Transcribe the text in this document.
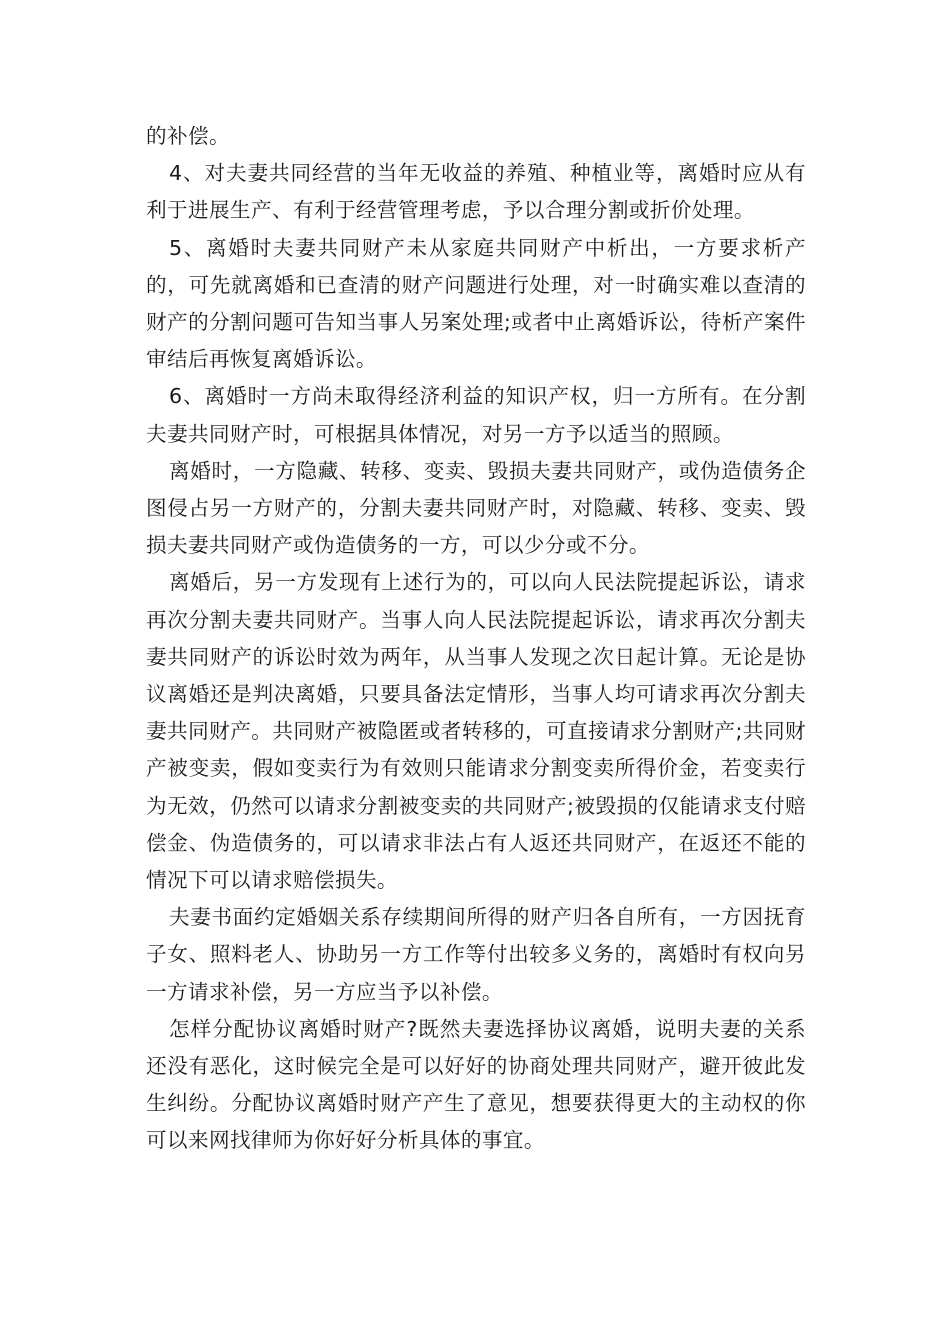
的补偿。

4、对夫妻共同经营的当年无收益的养殖、种植业等，离婚时应从有利于进展生产、有利于经营管理考虑，予以合理分割或折价处理。

5、离婚时夫妻共同财产未从家庭共同财产中析出，一方要求析产的，可先就离婚和已查清的财产问题进行处理，对一时确实难以查清的财产的分割问题可告知当事人另案处理;或者中止离婚诉讼，待析产案件审结后再恢复离婚诉讼。

6、离婚时一方尚未取得经济利益的知识产权，归一方所有。在分割夫妻共同财产时，可根据具体情况，对另一方予以适当的照顾。

离婚时，一方隐藏、转移、变卖、毁损夫妻共同财产，或伪造债务企图侵占另一方财产的，分割夫妻共同财产时，对隐藏、转移、变卖、毁损夫妻共同财产或伪造债务的一方，可以少分或不分。

离婚后，另一方发现有上述行为的，可以向人民法院提起诉讼，请求再次分割夫妻共同财产。当事人向人民法院提起诉讼，请求再次分割夫妻共同财产的诉讼时效为两年，从当事人发现之次日起计算。无论是协议离婚还是判决离婚，只要具备法定情形，当事人均可请求再次分割夫妻共同财产。共同财产被隐匿或者转移的，可直接请求分割财产;共同财产被变卖，假如变卖行为有效则只能请求分割变卖所得价金，若变卖行为无效，仍然可以请求分割被变卖的共同财产;被毁损的仅能请求支付赔偿金、伪造债务的，可以请求非法占有人返还共同财产，在返还不能的情况下可以请求赔偿损失。

夫妻书面约定婚姻关系存续期间所得的财产归各自所有，一方因抚育子女、照料老人、协助另一方工作等付出较多义务的，离婚时有权向另一方请求补偿，另一方应当予以补偿。

怎样分配协议离婚时财产?既然夫妻选择协议离婚，说明夫妻的关系还没有恶化，这时候完全是可以好好的协商处理共同财产，避开彼此发生纠纷。分配协议离婚时财产产生了意见，想要获得更大的主动权的你可以来网找律师为你好好分析具体的事宜。
